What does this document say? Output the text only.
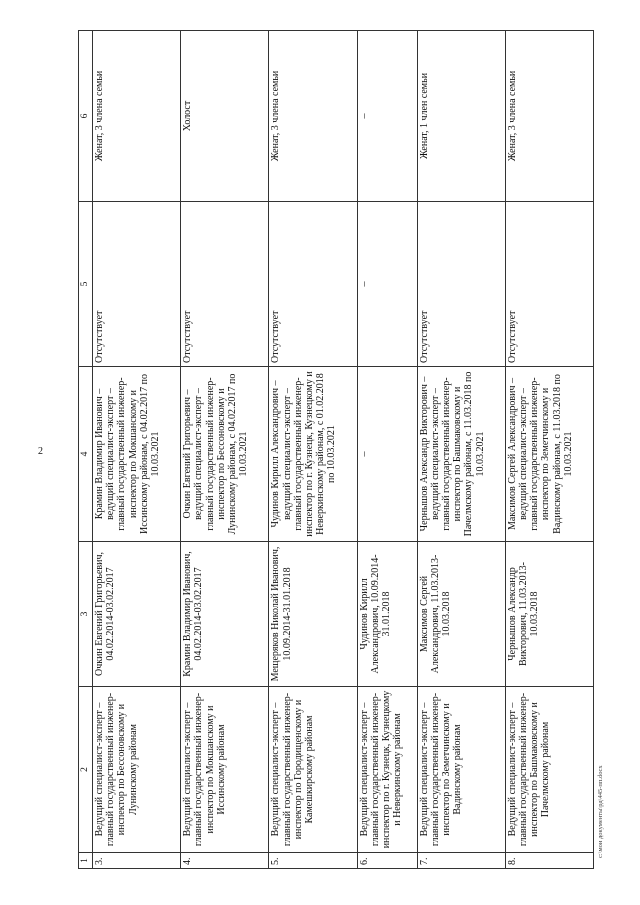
2
c:\мои документы\рд\445-пп.docx
1	2	3	4	5	6
3.	Ведущий специалист-эксперт – главный государственный инженер-инспектор по Бессоновскому и Лунинскому районам	Очкин Евгений Григорьевич, 04.02.2014-03.02.2017	Крамин Владимир Иванович – ведущий специалист-эксперт – главный государственный инженер-инспектор по Мокшанскому и Иссинскому районам, с 04.02.2017 по 10.03.2021	Отсутствует	Женат, 3 члена семьи
4.	Ведущий специалист-эксперт – главный государственный инженер-инспектор по Мокшанскому и Иссинскому районам	Крамин Владимир Иванович, 04.02.2014-03.02.2017	Очкин Евгений Григорьевич – ведущий специалист-эксперт – главный государственный инженер-инспектор по Бессоновскому и Лунинскому районам, с 04.02.2017 по 10.03.2021	Отсутствует	Холост
5.	Ведущий специалист-эксперт – главный государственный инженер-инспектор по Городищенскому и Камешкирскому районам	Мещеряков Николай Иванович, 10.09.2014-31.01.2018	Чудинов Кирилл Александрович – ведущий специалист-эксперт – главный государственный инженер-инспектор по г. Кузнецк, Кузнецкому и Неверкинскому районам, с 01.02.2018 по 10.03.2021	Отсутствует	Женат, 3 члена семьи
6.	Ведущий специалист-эксперт – главный государственный инженер-инспектор по г. Кузнецк, Кузнецкому и Неверкинскому районам	Чудинов Кирилл Александрович, 10.09.2014-31.01.2018	–	–	–
7.	Ведущий специалист-эксперт – главный государственный инженер-инспектор по Земетчинскому и Вадинскому районам	Максимов Сергей Александрович, 11.03.2013-10.03.2018	Чернышов Александр Викторович – ведущий специалист-эксперт – главный государственный инженер-инспектор по Башмаковскому и Пачелмскому районам, с 11.03.2018 по 10.03.2021	Отсутствует	Женат, 1 член семьи
8.	Ведущий специалист-эксперт – главный государственный инженер-инспектор по Башмаковскому и Пачелмскому районам	Чернышов Александр Викторович, 11.03.2013-10.03.2018	Максимов Сергей Александрович – ведущий специалист-эксперт – главный государственный инженер-инспектор по Земетчинскому и Вадинскому районам, с 11.03.2018 по 10.03.2021	Отсутствует	Женат, 3 члена семьи
